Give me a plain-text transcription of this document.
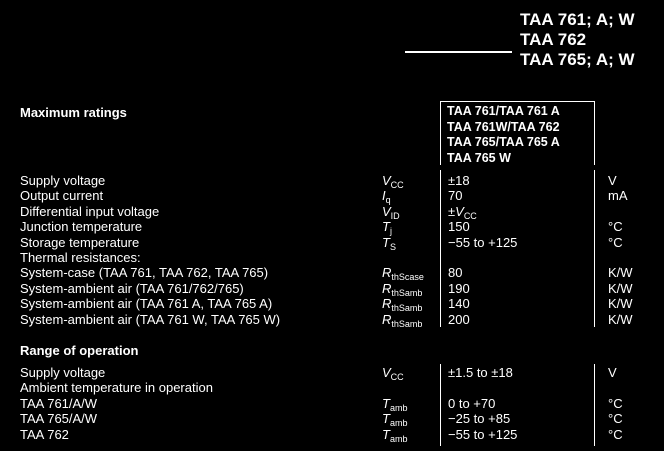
TAA 761; A; W
TAA 762
TAA 765; A; W
Maximum ratings	TAA 761/TAA 761 A
TAA 761W/TAA 762
TAA 765/TAA 765 A
TAA 765 W
Supply voltage	$V_{CC}$	±18	V
Output current	$I_q$	70	mA
Differential input voltage	$V_{ID}$	$\pm V_{CC}$
Junction temperature	$T_j$	150	°C
Storage temperature	$T_S$	−55 to +125	°C
Thermal resistances:
System-case (TAA 761, TAA 762, TAA 765)	$R_{thScase}$ 80	K/W
System-ambient air (TAA 761/762/765)	$R_{thSamb}$ 190	K/W
System-ambient air (TAA 761 A, TAA 765 A)	$R_{thSamb}$ 140	K/W
System-ambient air (TAA 761 W, TAA 765 W)	$R_{thSamb}$ 200	K/W
Range of operation
Supply voltage	$V_{CC}$	±1.5 to ±18	V
Ambient temperature in operation
TAA 761/A/W	$T_{amb}$	0 to +70	°C
TAA 765/A/W	$T_{amb}$	−25 to +85	°C
TAA 762	$T_{amb}$	−55 to +125	°C
